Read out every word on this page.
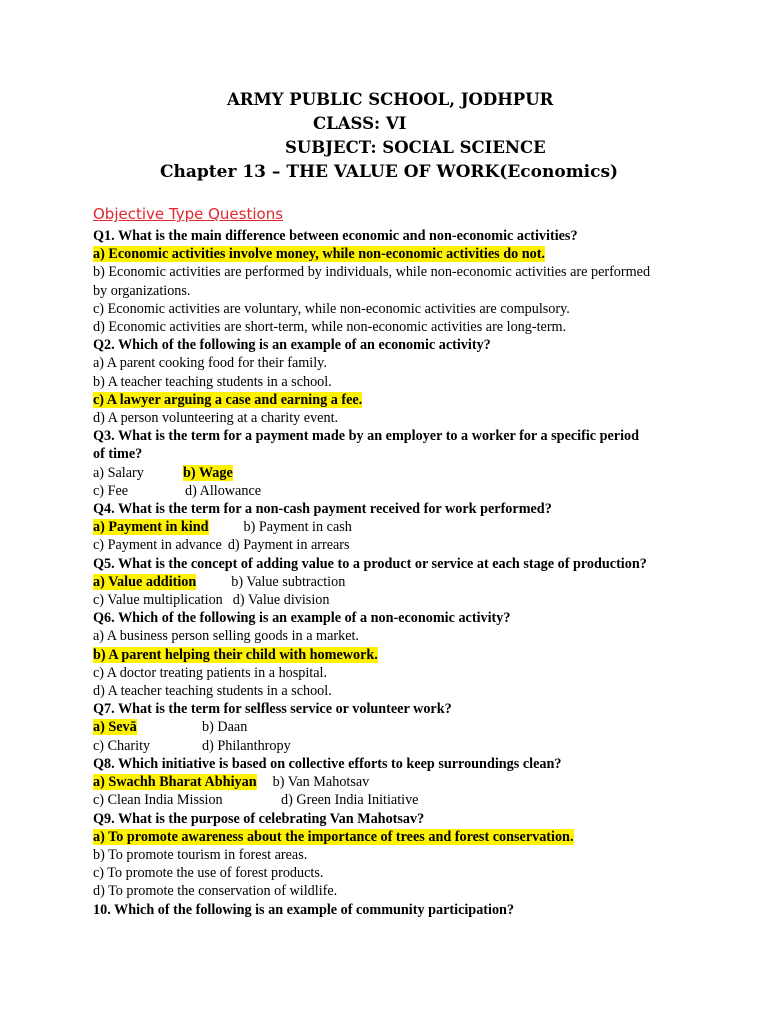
ARMY PUBLIC SCHOOL, JODHPUR
CLASS: VI
SUBJECT: SOCIAL SCIENCE
Chapter 13 – THE VALUE OF WORK(Economics)
Objective Type Questions
Q1. What is the main difference between economic and non-economic activities?
a) Economic activities involve money, while non-economic activities do not.
b) Economic activities are performed by individuals, while non-economic activities are performed by organizations.
c) Economic activities are voluntary, while non-economic activities are compulsory.
d) Economic activities are short-term, while non-economic activities are long-term.
Q2. Which of the following is an example of an economic activity?
a) A parent cooking food for their family.
b) A teacher teaching students in a school.
c) A lawyer arguing a case and earning a fee.
d) A person volunteering at a charity event.
Q3. What is the term for a payment made by an employer to a worker for a specific period of time?
a) Salary	b) Wage
c) Fee	d) Allowance
Q4. What is the term for a non-cash payment received for work performed?
a) Payment in kind b) Payment in cash
c) Payment in advance d) Payment in arrears
Q5. What is the concept of adding value to a product or service at each stage of production?
a) Value addition b) Value subtraction
c) Value multiplication d) Value division
Q6. Which of the following is an example of a non-economic activity?
a) A business person selling goods in a market.
b) A parent helping their child with homework.
c) A doctor treating patients in a hospital.
d) A teacher teaching students in a school.
Q7. What is the term for selfless service or volunteer work?
a) Sevā	b) Daan
c) Charity	d) Philanthropy
Q8. Which initiative is based on collective efforts to keep surroundings clean?
a) Swachh Bharat Abhiyan b) Van Mahotsav
c) Clean India Mission	d) Green India Initiative
Q9. What is the purpose of celebrating Van Mahotsav?
a) To promote awareness about the importance of trees and forest conservation.
b) To promote tourism in forest areas.
c) To promote the use of forest products.
d) To promote the conservation of wildlife.
10. Which of the following is an example of community participation?
